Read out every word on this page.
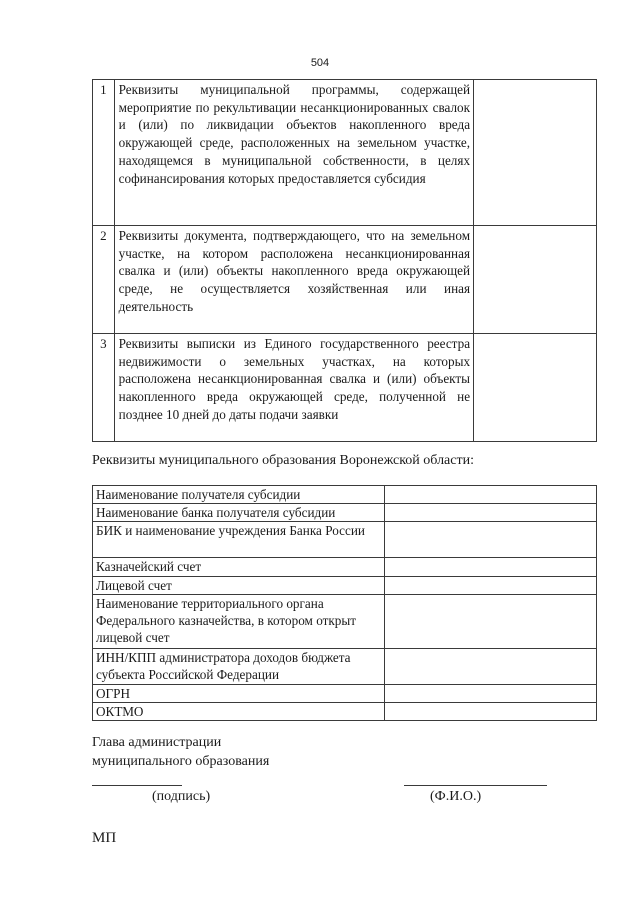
504
1	Реквизиты муниципальной программы, содержащей мероприятие по рекультивации несанкционированных свалок и (или) по ликвидации объектов накопленного вреда окружающей среде, расположенных на земельном участке, находящемся в муниципальной собственности, в целях софинансирования которых предоставляется субсидия	
2	Реквизиты документа, подтверждающего, что на земельном участке, на котором расположена несанкционированная свалка и (или) объекты накопленного вреда окружающей среде, не осуществляется хозяйственная или иная деятельность	
3	Реквизиты выписки из Единого государственного реестра недвижимости о земельных участках, на которых расположена несанкционированная свалка и (или) объекты накопленного вреда окружающей среде, полученной не позднее 10 дней до даты подачи заявки	
Реквизиты муниципального образования Воронежской области:
Наименование получателя субсидии	
Наименование банка получателя субсидии	
БИК и наименование учреждения Банка России	
Казначейский счет	
Лицевой счет	
Наименование территориального органа Федерального казначейства, в котором открыт лицевой счет	
ИНН/КПП администратора доходов бюджета субъекта Российской Федерации	
ОГРН	
ОКТМО	
Глава администрации
муниципального образования
(подпись)	(Ф.И.О.)
МП
